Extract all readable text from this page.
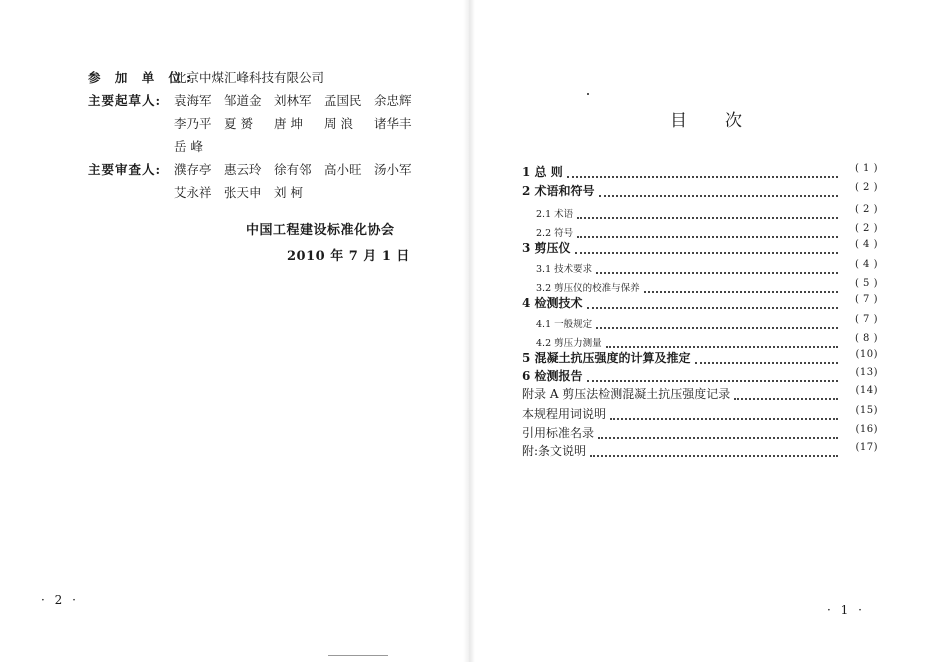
参 加 单 位:
北京中煤汇峰科技有限公司
主要起草人: 袁海军 邹道金 刘林军 孟国民 余忠辉
李乃平 夏 赟 唐 坤 周 浪 诸华丰
岳 峰
主要审查人: 濮存亭 惠云玲 徐有邻 高小旺 汤小军
艾永祥 张天申 刘 柯
中国工程建设标准化协会
2010 年 7 月 1 日
· 2 ·
目次
1 总 则	( 1 )
2 术语和符号	( 2 )
2.1 术语	( 2 )
2.2 符号	( 2 )
3 剪压仪	( 4 )
3.1 技术要求	( 4 )
3.2 剪压仪的校准与保养	( 5 )
4 检测技术	( 7 )
4.1 一般规定	( 7 )
4.2 剪压力测量	( 8 )
5 混凝土抗压强度的计算及推定	(10)
6 检测报告	(13)
附录 A 剪压法检测混凝土抗压强度记录	(14)
本规程用词说明	(15)
引用标准名录	(16)
附:条文说明	(17)
· 1 ·
